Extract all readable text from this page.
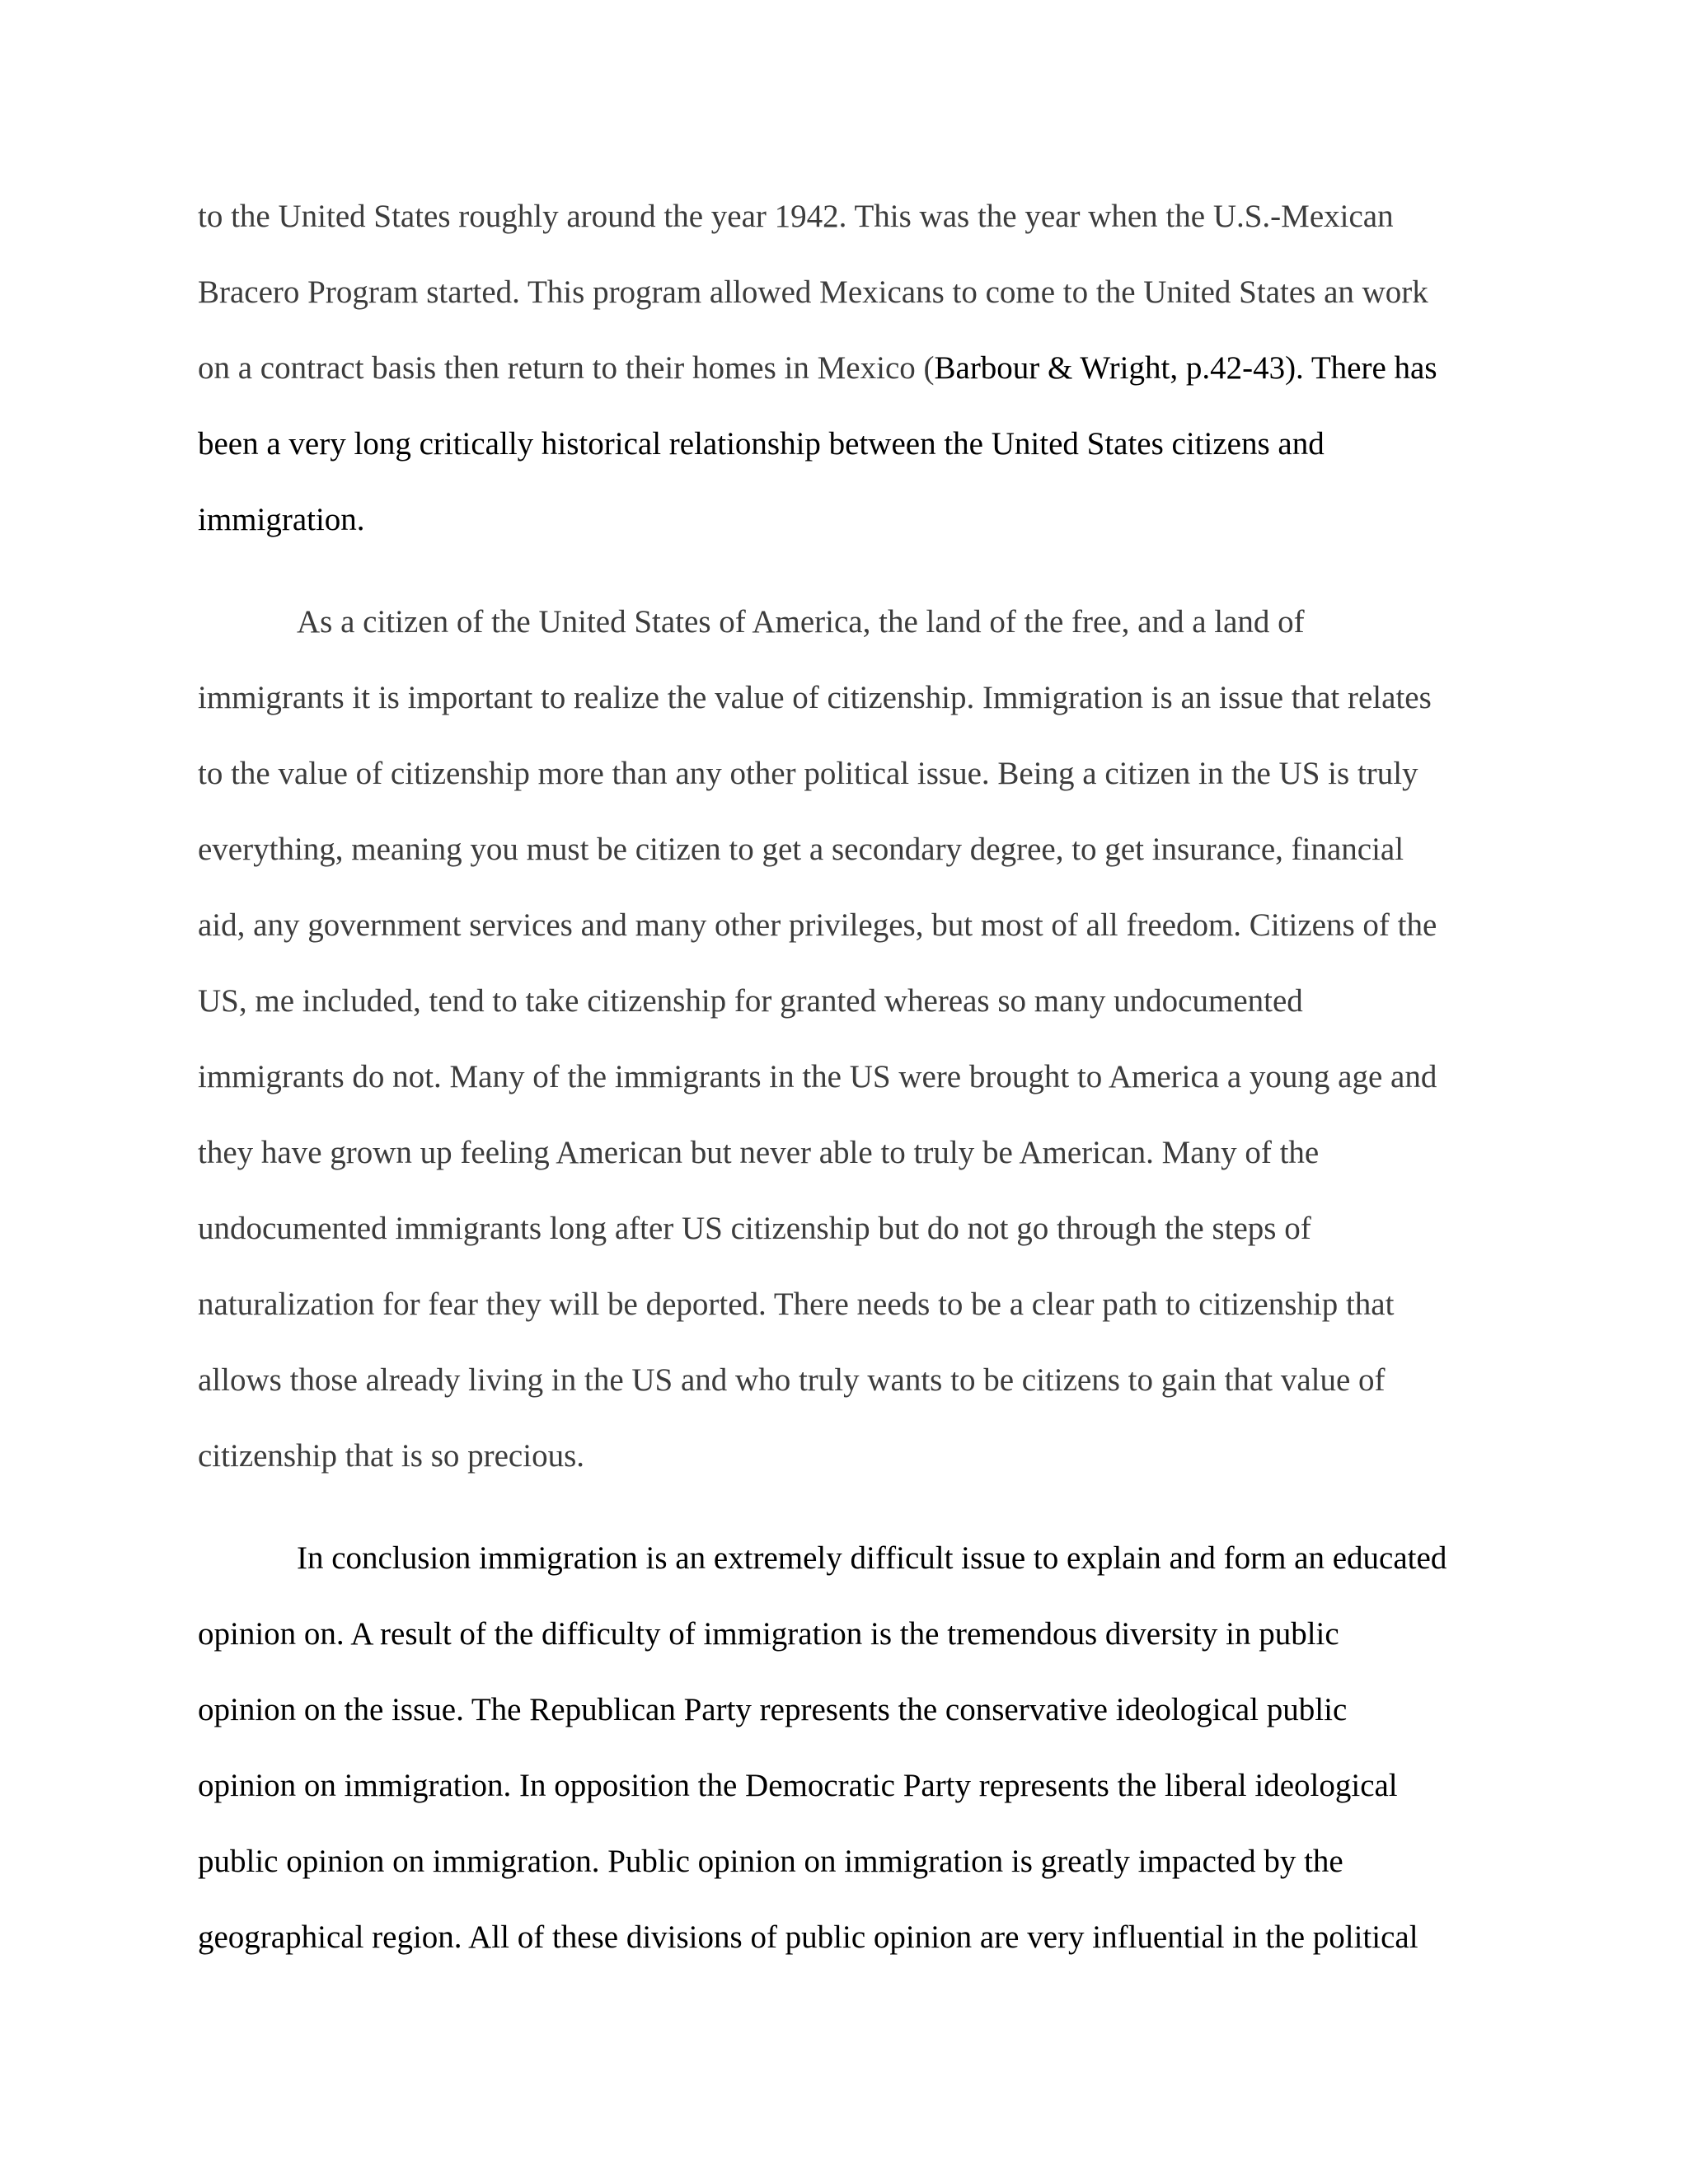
to the United States roughly around the year 1942. This was the year when the U.S.-Mexican
Bracero Program started. This program allowed Mexicans to come to the United States an work
on a contract basis then return to their homes in Mexico (Barbour & Wright, p.42-43). There has
been a very long critically historical relationship between the United States citizens and
immigration.
As a citizen of the United States of America, the land of the free, and a land of
immigrants it is important to realize the value of citizenship. Immigration is an issue that relates
to the value of citizenship more than any other political issue. Being a citizen in the US is truly
everything, meaning you must be citizen to get a secondary degree, to get insurance, financial
aid, any government services and many other privileges, but most of all freedom. Citizens of the
US, me included, tend to take citizenship for granted whereas so many undocumented
immigrants do not. Many of the immigrants in the US were brought to America a young age and
they have grown up feeling American but never able to truly be American. Many of the
undocumented immigrants long after US citizenship but do not go through the steps of
naturalization for fear they will be deported. There needs to be a clear path to citizenship that
allows those already living in the US and who truly wants to be citizens to gain that value of
citizenship that is so precious.
In conclusion immigration is an extremely difficult issue to explain and form an educated
opinion on. A result of the difficulty of immigration is the tremendous diversity in public
opinion on the issue. The Republican Party represents the conservative ideological public
opinion on immigration. In opposition the Democratic Party represents the liberal ideological
public opinion on immigration. Public opinion on immigration is greatly impacted by the
geographical region. All of these divisions of public opinion are very influential in the political
